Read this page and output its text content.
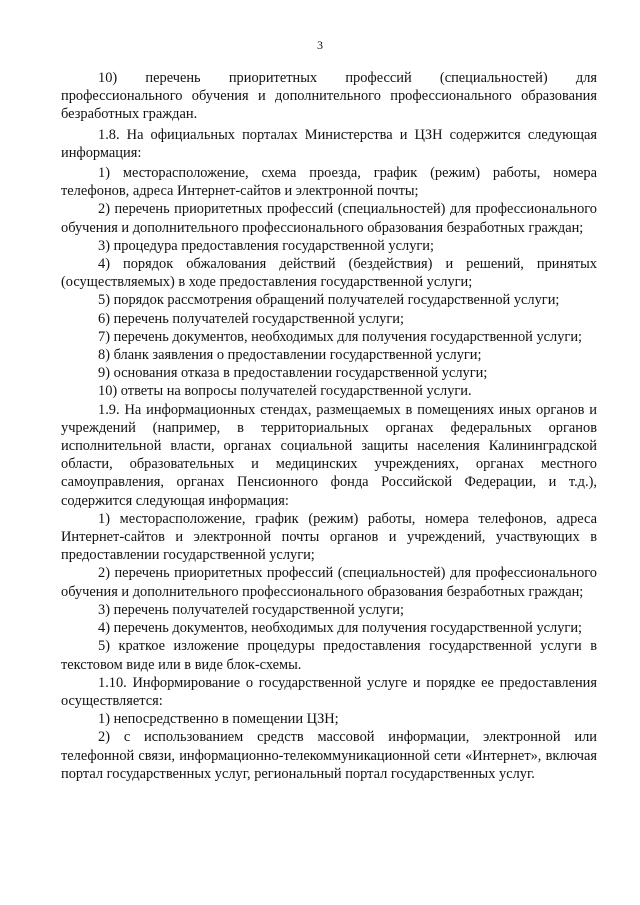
3

10) перечень приоритетных профессий (специальностей) для профессионального обучения и дополнительного профессионального образования безработных граждан.

1.8. На официальных порталах Министерства и ЦЗН содержится следующая информация:

1) месторасположение, схема проезда, график (режим) работы, номера телефонов, адреса Интернет-сайтов и электронной почты;

2) перечень приоритетных профессий (специальностей) для профессионального обучения и дополнительного профессионального образования безработных граждан;

3) процедура предоставления государственной услуги;

4) порядок обжалования действий (бездействия) и решений, принятых (осуществляемых) в ходе предоставления государственной услуги;

5) порядок рассмотрения обращений получателей государственной услуги;

6) перечень получателей государственной услуги;

7) перечень документов, необходимых для получения государственной услуги;

8) бланк заявления о предоставлении государственной услуги;

9) основания отказа в предоставлении государственной услуги;

10) ответы на вопросы получателей государственной услуги.

1.9. На информационных стендах, размещаемых в помещениях иных органов и учреждений (например, в территориальных органах федеральных органов исполнительной власти, органах социальной защиты населения Калининградской области, образовательных и медицинских учреждениях, органах местного самоуправления, органах Пенсионного фонда Российской Федерации, и т.д.), содержится следующая информация:

1) месторасположение, график (режим) работы, номера телефонов, адреса Интернет-сайтов и электронной почты органов и учреждений, участвующих в предоставлении государственной услуги;

2) перечень приоритетных профессий (специальностей) для профессионального обучения и дополнительного профессионального образования безработных граждан;

3) перечень получателей государственной услуги;

4) перечень документов, необходимых для получения государственной услуги;

5) краткое изложение процедуры предоставления государственной услуги в текстовом виде или в виде блок-схемы.

1.10. Информирование о государственной услуге и порядке ее предоставления осуществляется:

1) непосредственно в помещении ЦЗН;

2) с использованием средств массовой информации, электронной или телефонной связи, информационно-телекоммуникационной сети «Интернет», включая портал государственных услуг, региональный портал государственных услуг.
